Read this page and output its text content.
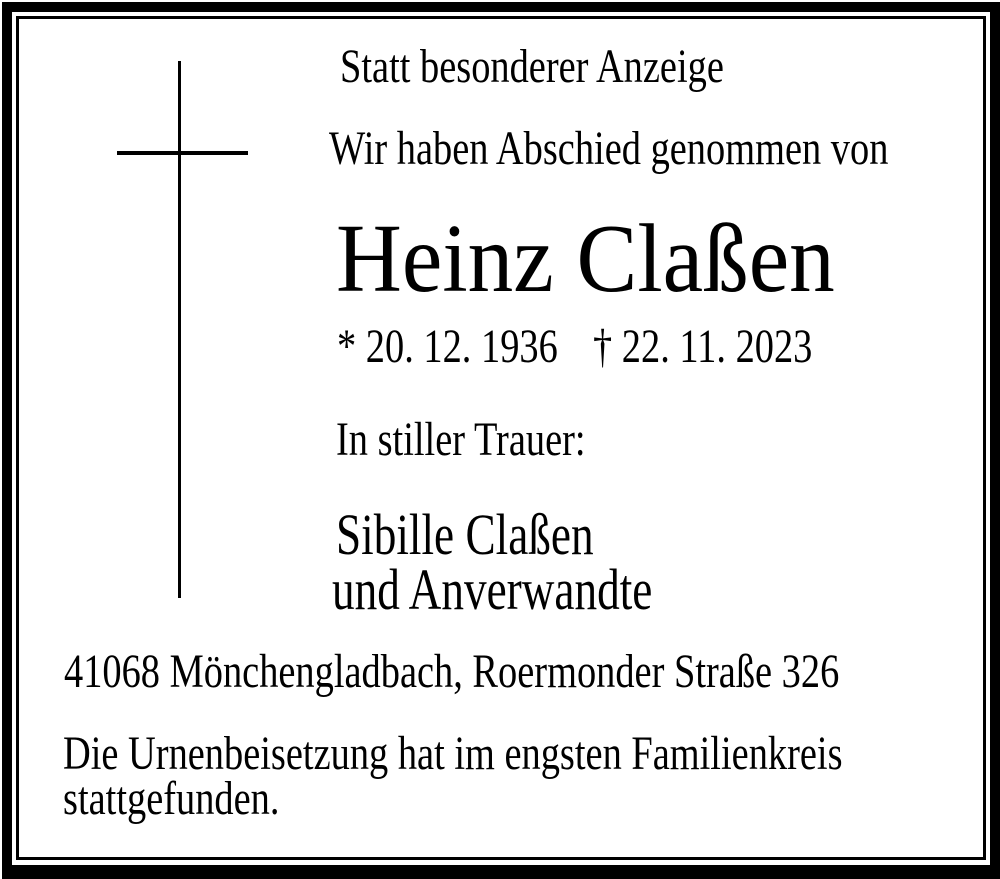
Statt besonderer Anzeige
Wir haben Abschied genommen von
Heinz Claßen
* 20. 12. 1936 † 22. 11. 2023
In stiller Trauer:
Sibille Claßen
und Anverwandte
41068 Mönchengladbach, Roermonder Straße 326
Die Urnenbeisetzung hat im engsten Familienkreis
stattgefunden.
